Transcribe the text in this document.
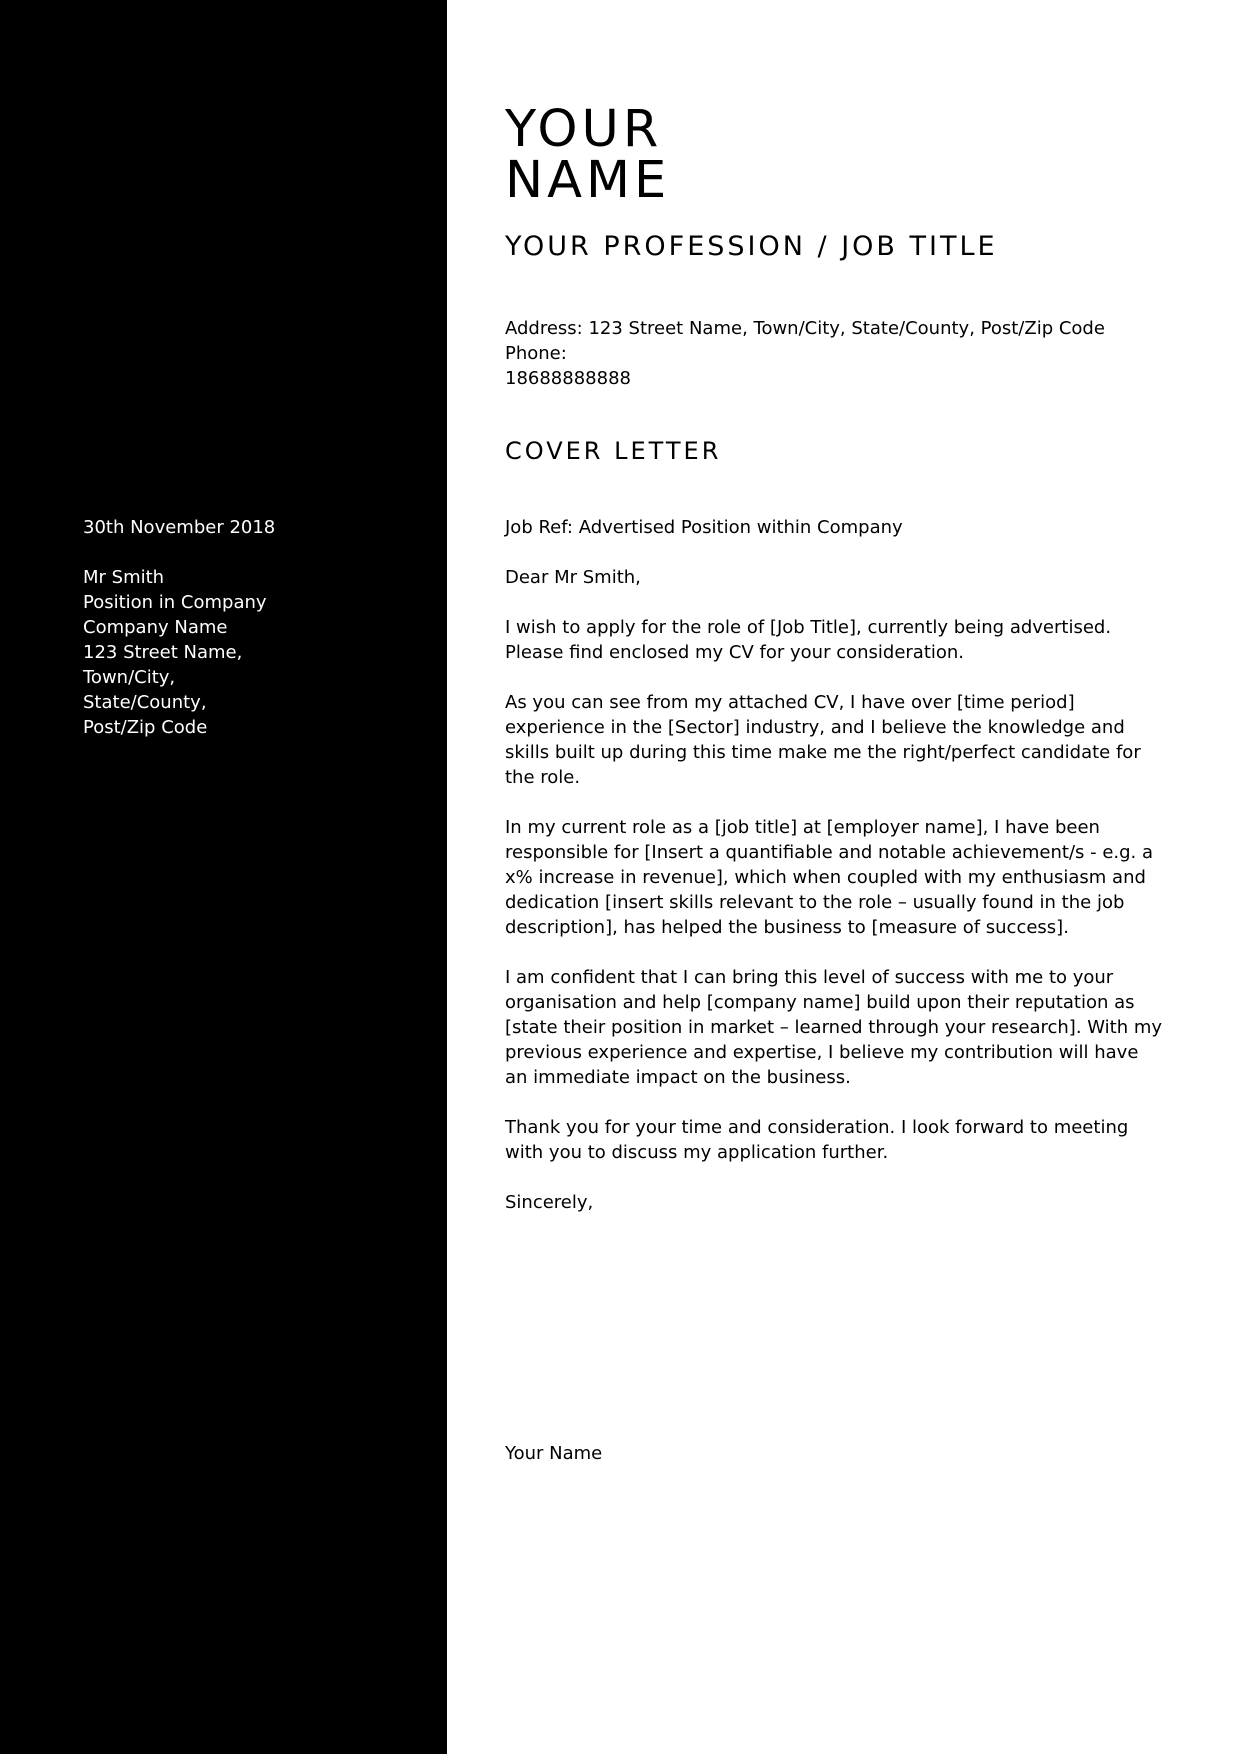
30th November 2018
Mr Smith
Position in Company
Company Name
123 Street Name,
Town/City,
State/County,
Post/Zip Code
YOUR
NAME
YOUR PROFESSION / JOB TITLE
Address: 123 Street Name, Town/City, State/County, Post/Zip Code
Phone:
18688888888
COVER LETTER

Job Ref: Advertised Position within Company

Dear Mr Smith,

I wish to apply for the role of [Job Title], currently being advertised. Please find enclosed my CV for your consideration.

As you can see from my attached CV, I have over [time period] experience in the [Sector] industry, and I believe the knowledge and skills built up during this time make me the right/perfect candidate for the role.

In my current role as a [job title] at [employer name], I have been responsible for [Insert a quantifiable and notable achievement/s - e.g. a x% increase in revenue], which when coupled with my enthusiasm and dedication [insert skills relevant to the role – usually found in the job description], has helped the business to [measure of success].

I am confident that I can bring this level of success with me to your organisation and help [company name] build upon their reputation as [state their position in market – learned through your research]. With my previous experience and expertise, I believe my contribution will have an immediate impact on the business.

Thank you for your time and consideration. I look forward to meeting with you to discuss my application further.

Sincerely,

Your Name
